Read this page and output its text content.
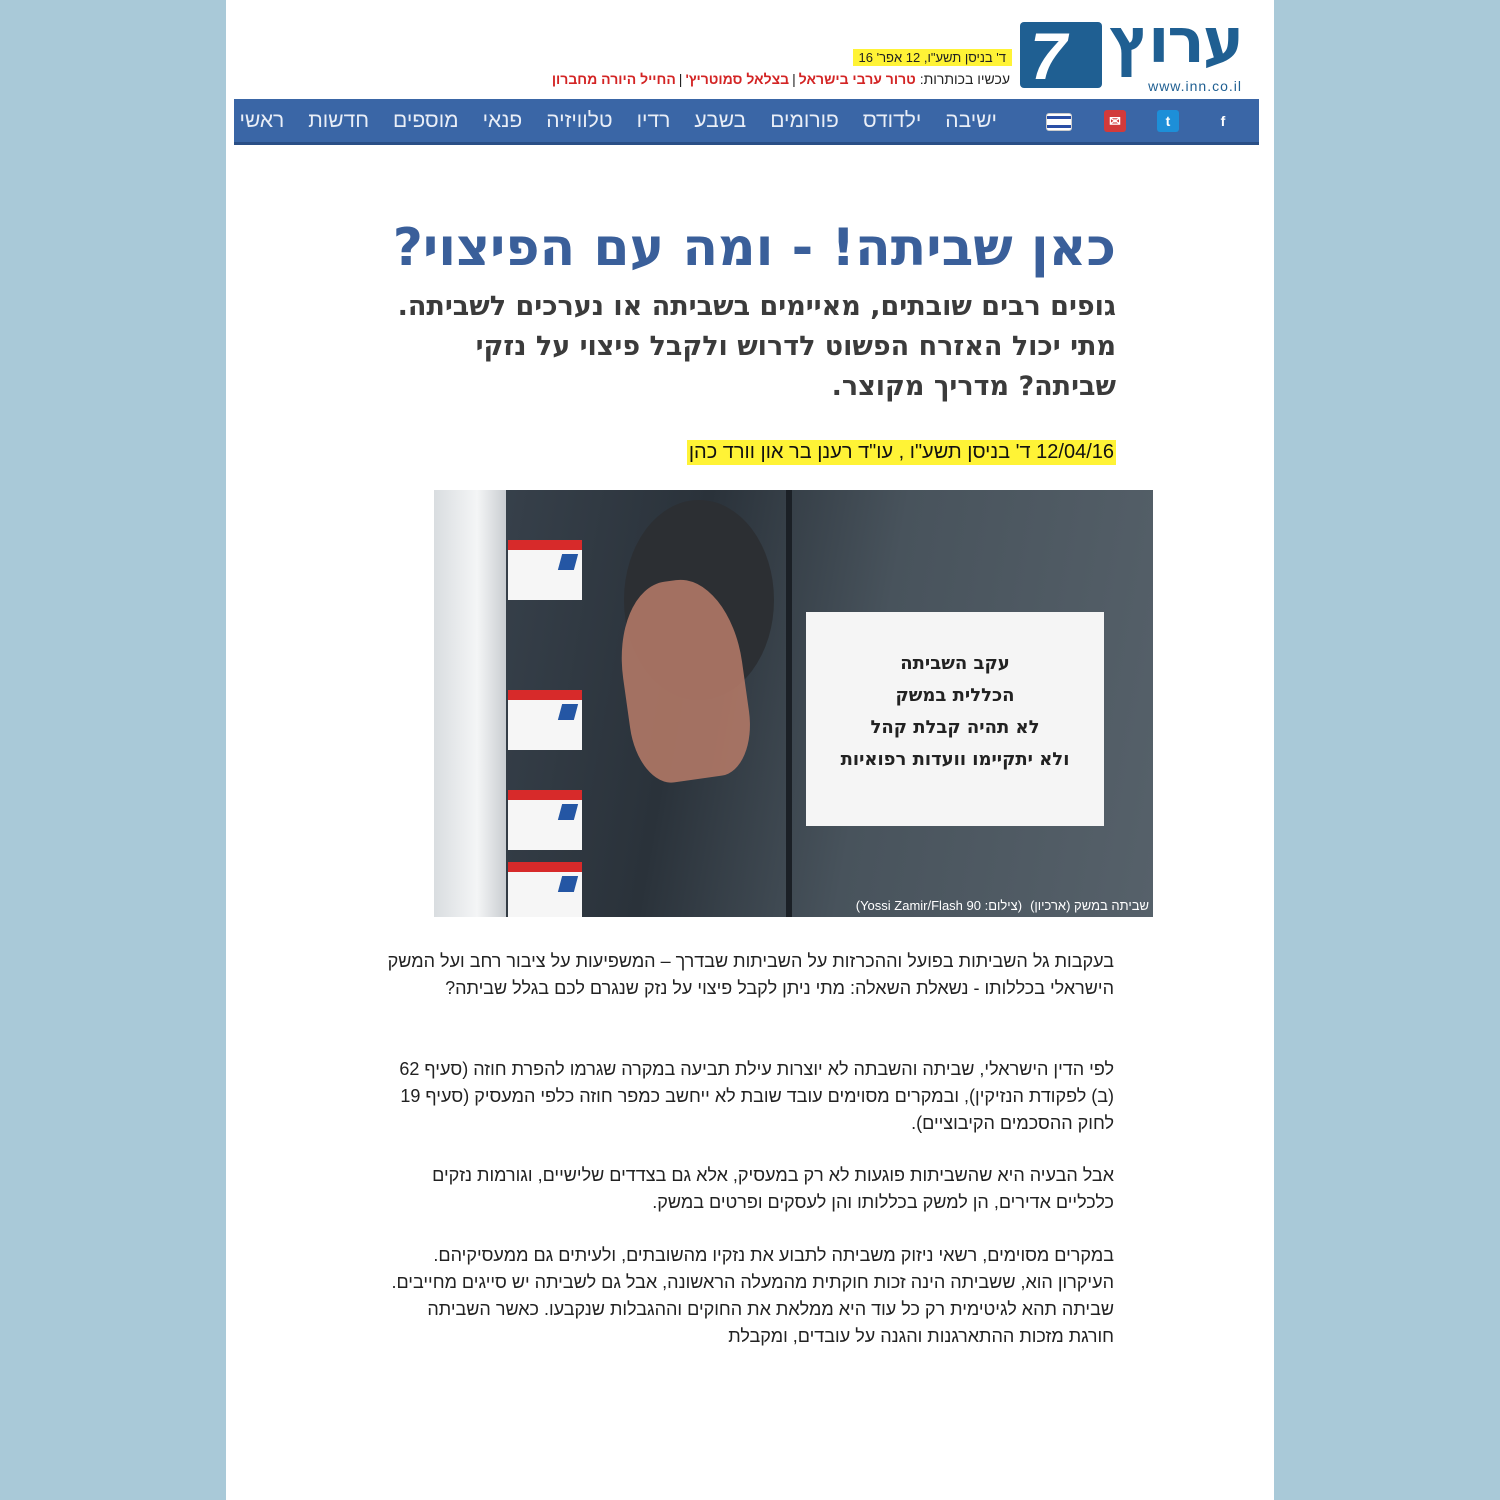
7 ערוץ
www.inn.co.il
ד' בניסן תשע"ו, 12 אפר' 16
עכשיו בכותרות: טרור ערבי בישראל|בצלאל סמוטריץ'|החייל היורה מחברון
ראשי	חדשות	מוספים	פנאי	טלוויזיה	רדיו	בשבע	פורומים	ילדודס	ישיבה	f
t
✉
כאן שביתה! - ומה עם הפיצוי?
גופים רבים שובתים, מאיימים בשביתה או נערכים לשביתה. מתי יכול האזרח הפשוט לדרוש ולקבל פיצוי על נזקי שביתה? מדריך מקוצר.
12/04/16 ד' בניסן תשע"ו , עו"ד רענן בר און וורד כהן
עקב השביתה
הכללית במשק
לא תהיה קבלת קהל
ולא יתקיימו וועדות רפואיות
שביתה במשק (ארכיון)(צילום: Yossi Zamir/Flash 90)

בעקבות גל השביתות בפועל וההכרזות על השביתות שבדרך – המשפיעות על ציבור רחב ועל המשק הישראלי בכללותו - נשאלת השאלה: מתי ניתן לקבל פיצוי על נזק שנגרם לכם בגלל שביתה?

לפי הדין הישראלי, שביתה והשבתה לא יוצרות עילת תביעה במקרה שגרמו להפרת חוזה (סעיף 62 (ב) לפקודת הנזיקין), ובמקרים מסוימים עובד שובת לא ייחשב כמפר חוזה כלפי המעסיק (סעיף 19 לחוק ההסכמים הקיבוציים).

אבל הבעיה היא שהשביתות פוגעות לא רק במעסיק, אלא גם בצדדים שלישיים, וגורמות נזקים כלכליים אדירים, הן למשק בכללותו והן לעסקים ופרטים במשק.

במקרים מסוימים, רשאי ניזוק משביתה לתבוע את נזקיו מהשובתים, ולעיתים גם ממעסיקיהם. העיקרון הוא, ששביתה הינה זכות חוקתית מהמעלה הראשונה, אבל גם לשביתה יש סייגים מחייבים. שביתה תהא לגיטימית רק כל עוד היא ממלאת את החוקים וההגבלות שנקבעו. כאשר השביתה חורגת מזכות ההתארגנות והגנה על עובדים, ומקבלת
